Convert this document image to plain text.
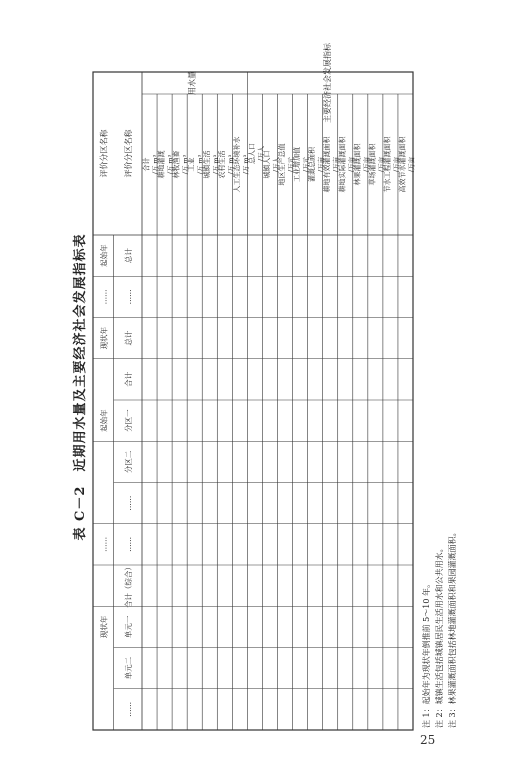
表 C－2　近期用水量及主要经济社会发展指标表
评价分区名称 评价分区名称
用水量	主要经济社会发展指标
合计 /万 m³
耕地灌溉 /万 m³
林牧渔畜 /万 m³
工业 /万 m³
城镇生活 /万 m³
农村生活 /万 m³
人工生态环境补水 /万 m³
总人口 /万人
城镇人口 /万人
地区生产总值 /万元
工业增加值 /万元
灌溉总面积 /万亩
耕地有效灌溉面积 /万亩
耕地实际灌溉面积 /万亩
林果灌溉面积 /万亩
草场灌溉面积 /万亩
节水工程灌溉面积 /万亩
高效节水灌溉面积 /万亩
起始年 总计
…… ……
现状年 总计
合计
起始年 分区一
分区二
……
…… ……
合计（综合）
现状年 单元一
单元二
……	注 1：起始年为现状年倒推前 5～10 年。 注 2：城镇生活包括城镇居民生活用水和公共用水。 注 3：林果灌溉面积包括林地灌溉面积和果园灌溉面积。
25
